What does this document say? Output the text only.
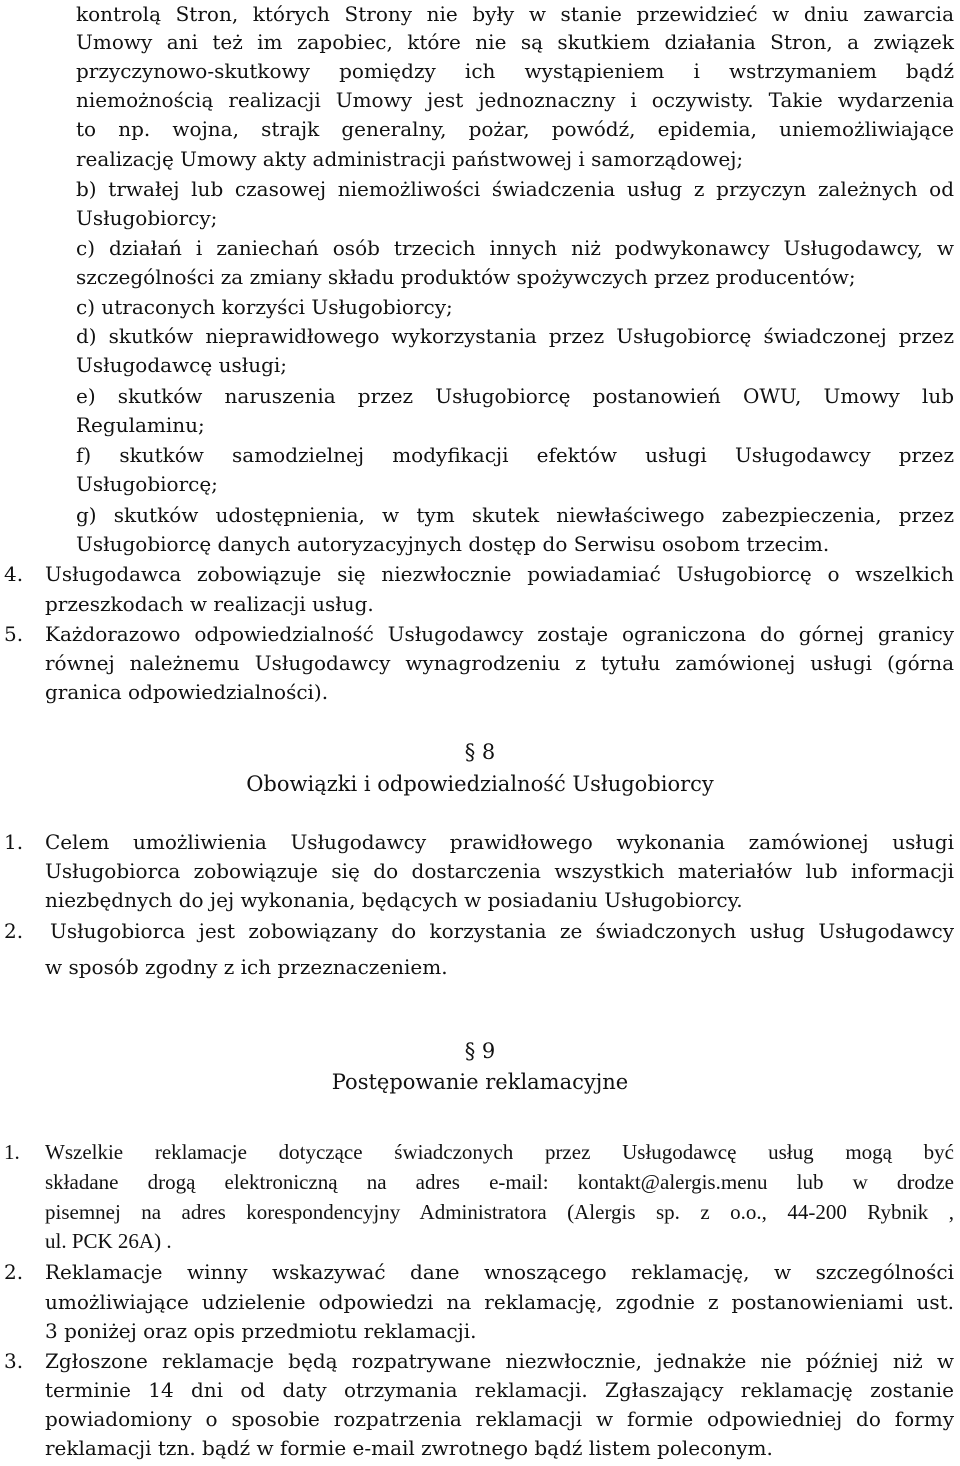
kontrolą Stron, których Strony nie były w stanie przewidzieć w dniu zawarcia
Umowy ani też im zapobiec, które nie są skutkiem działania Stron, a związek
przyczynowo-skutkowy pomiędzy ich wystąpieniem i wstrzymaniem bądź
niemożnością realizacji Umowy jest jednoznaczny i oczywisty. Takie wydarzenia
to np. wojna, strajk generalny, pożar, powódź, epidemia, uniemożliwiające
realizację Umowy akty administracji państwowej i samorządowej;
b) trwałej lub czasowej niemożliwości świadczenia usług z przyczyn zależnych od
Usługobiorcy;
c) działań i zaniechań osób trzecich innych niż podwykonawcy Usługodawcy, w
szczególności za zmiany składu produktów spożywczych przez producentów;
c) utraconych korzyści Usługobiorcy;
d) skutków nieprawidłowego wykorzystania przez Usługobiorcę świadczonej przez
Usługodawcę usługi;
e) skutków naruszenia przez Usługobiorcę postanowień OWU, Umowy lub
Regulaminu;
f) skutków samodzielnej modyfikacji efektów usługi Usługodawcy przez
Usługobiorcę;
g) skutków udostępnienia, w tym skutek niewłaściwego zabezpieczenia, przez
Usługobiorcę danych autoryzacyjnych dostęp do Serwisu osobom trzecim.
4. Usługodawca zobowiązuje się niezwłocznie powiadamiać Usługobiorcę o wszelkich
przeszkodach w realizacji usług.
5. Każdorazowo odpowiedzialność Usługodawcy zostaje ograniczona do górnej granicy
równej należnemu Usługodawcy wynagrodzeniu z tytułu zamówionej usługi (górna
granica odpowiedzialności).
§ 8
Obowiązki i odpowiedzialność Usługobiorcy
1. Celem umożliwienia Usługodawcy prawidłowego wykonania zamówionej usługi
Usługobiorca zobowiązuje się do dostarczenia wszystkich materiałów lub informacji
niezbędnych do jej wykonania, będących w posiadaniu Usługobiorcy.
2. Usługobiorca jest zobowiązany do korzystania ze świadczonych usług Usługodawcy
w sposób zgodny z ich przeznaczeniem.
§ 9
Postępowanie reklamacyjne
1. Wszelkie reklamacje dotyczące świadczonych przez Usługodawcę usług mogą być
składane drogą elektroniczną na adres e-mail: kontakt@alergis.menu lub w drodze
pisemnej na adres korespondencyjny Administratora (Alergis sp. z o.o., 44-200 Rybnik ,
ul. PCK 26A) .
2. Reklamacje winny wskazywać dane wnoszącego reklamację, w szczególności
umożliwiające udzielenie odpowiedzi na reklamację, zgodnie z postanowieniami ust.
3 poniżej oraz opis przedmiotu reklamacji.
3. Zgłoszone reklamacje będą rozpatrywane niezwłocznie, jednakże nie później niż w
terminie 14 dni od daty otrzymania reklamacji. Zgłaszający reklamację zostanie
powiadomiony o sposobie rozpatrzenia reklamacji w formie odpowiedniej do formy
reklamacji tzn. bądź w formie e-mail zwrotnego bądź listem poleconym.
